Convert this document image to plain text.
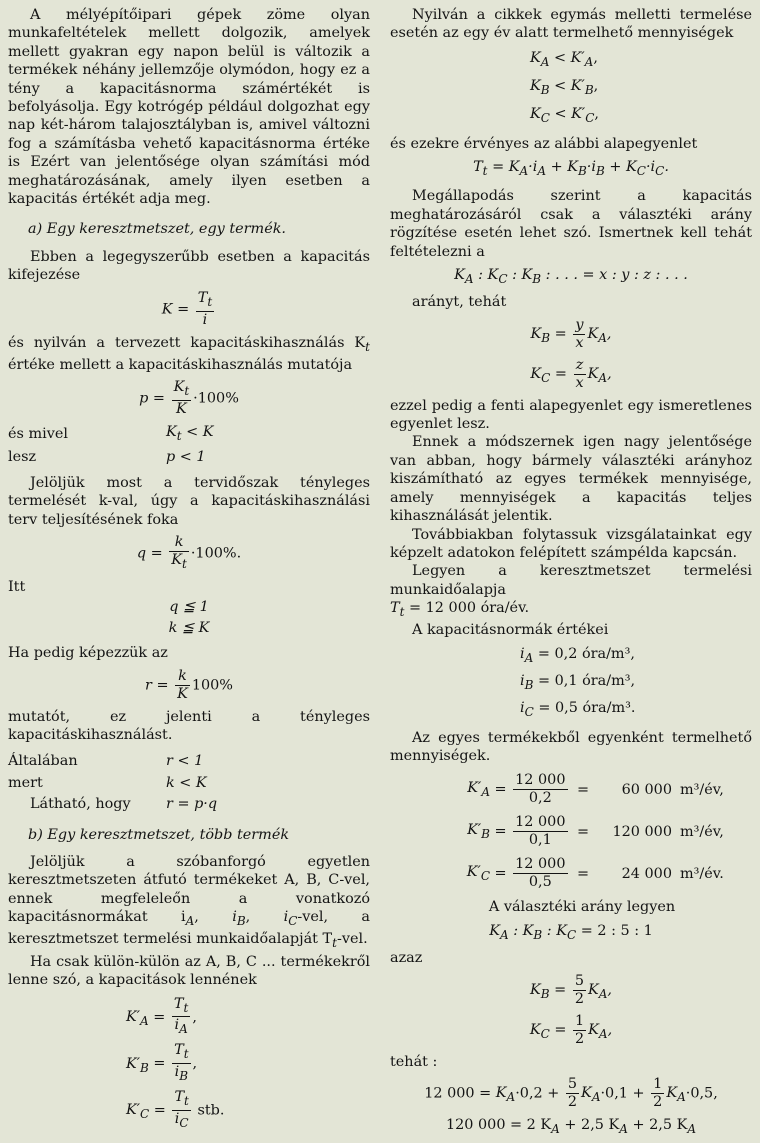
A mélyépítőipari gépek zöme olyan munkafeltételek mellett dolgozik, amelyek mellett gyakran egy napon belül is változik a termékek néhány jellemzője olymódon, hogy ez a tény a kapacitásnorma számértékét is befolyásolja. Egy kotrógép például dolgozhat egy nap két-három talajosztályban is, amivel változni fog a számításba vehető kapacitásnorma értéke is Ezért van jelentősége olyan számítási mód meghatározásának, amely ilyen esetben a kapacitás értékét adja meg.

a) Egy keresztmetszet, egy termék.

Ebben a legegyszerűbb esetben a kapacitás kifejezése

$K = \frac{T_t}{i}$

és nyilván a tervezett kapacitáskihasználás $K_t$ értéke mellett a kapacitáskihasználás mutatója

$p = \frac{K_t}{K} \cdot 100\%$
és mivel	$K_t < K$
lesz	p < 1

Jelöljük most a tervidőszak tényleges termelését k-val, úgy a kapacitáskihasználási terv teljesítésének foka

$q = \frac{k}{K_t} \cdot 100\%$.

Itt

q ≦ 1
k ≦ K

Ha pedig képezzük az

$r = \frac{k}{K} 100\%$

mutatót, ez jelenti a tényleges kapacitáskihasználást.

Általában	r < 1
mert	k < K
Látható, hogy	r = p·q
b) Egy keresztmetszet, több termék

Jelöljük a szóbanforgó egyetlen keresztmetszeten átfutó termékeket A, B, C-vel, ennek megfeleleőn a vonatkozó kapacitásnormákat $i_A$, $i_B$, $i_C$-vel, a keresztmetszet termelési munkaidőalapját $T_t$-vel.

Ha csak külön-külön az A, B, C ... termékekről lenne szó, a kapacitások lennének

$K'_A = \frac{T_t}{i_A}$ ,
$K'_B = \frac{T_t}{i_B}$ ,
$K'_C = \frac{T_t}{i_C}$ stb.

Nyilván a cikkek egymás melletti termelése esetén az egy év alatt termelhető mennyiségek

$K_A < K'_A$,
$K_B < K'_B$,
$K_C < K'_C$,

és ezekre érvényes az alábbi alapegyenlet

$T_t = K_A\cdot i_A + K_B\cdot i_B + K_C\cdot i_C$.

Megállapodás szerint a kapacitás meghatározásáról csak a választéki arány rögzítése esetén lehet szó. Ismertnek kell tehát feltételezni a

$K_A$ : $K_C$ : $K_B$ : . . . = x : y : z : . . .

arányt, tehát

$K_B = \frac{y}{x} K_A$,
$K_C = \frac{z}{x} K_A$,

ezzel pedig a fenti alapegyenlet egy ismeretlenes egyenlet lesz.

Ennek a módszernek igen nagy jelentősége van abban, hogy bármely választéki arányhoz kiszámítható az egyes termékek mennyisége, amely mennyiségek a kapacitás teljes kihasználását jelentik.

Továbbiakban folytassuk vizsgálatainkat egy képzelt adatokon felépített számpélda kapcsán.

Legyen a keresztmetszet termelési munkaidőalapja

$T_t = 12$ 000 óra/év.

A kapacitásnormák értékei

$i_A = 0,2$ óra/m³,
$i_B = 0,1$ óra/m³,
$i_C = 0,5$ óra/m³.

Az egyes termékekből egyenként termelhető mennyiségek.

$K'_A = \frac{12 000}{0,2}$ =	60 000 m³/év,
$K'_B = \frac{12 000}{0,1}$ =	120 000 m³/év,
$K'_C = \frac{12 000}{0,5}$ =	24 000 m³/év.

A választéki arány legyen

$K_A$ : $K_B$ : $K_C = 2$ : 5 : 1

azaz

$K_B = \frac{5}{2} K_A$,
$K_C = \frac{1}{2} K_A$,

tehát :

12 $000 = K_A\cdot 0,2 + \frac{5}{2} K_A\cdot 0,1 + \frac{1}{2} K_A\cdot 0,5$,
120 000 = 2 $K_A + 2,5$ $K_A + 2,5$ $K_A$
